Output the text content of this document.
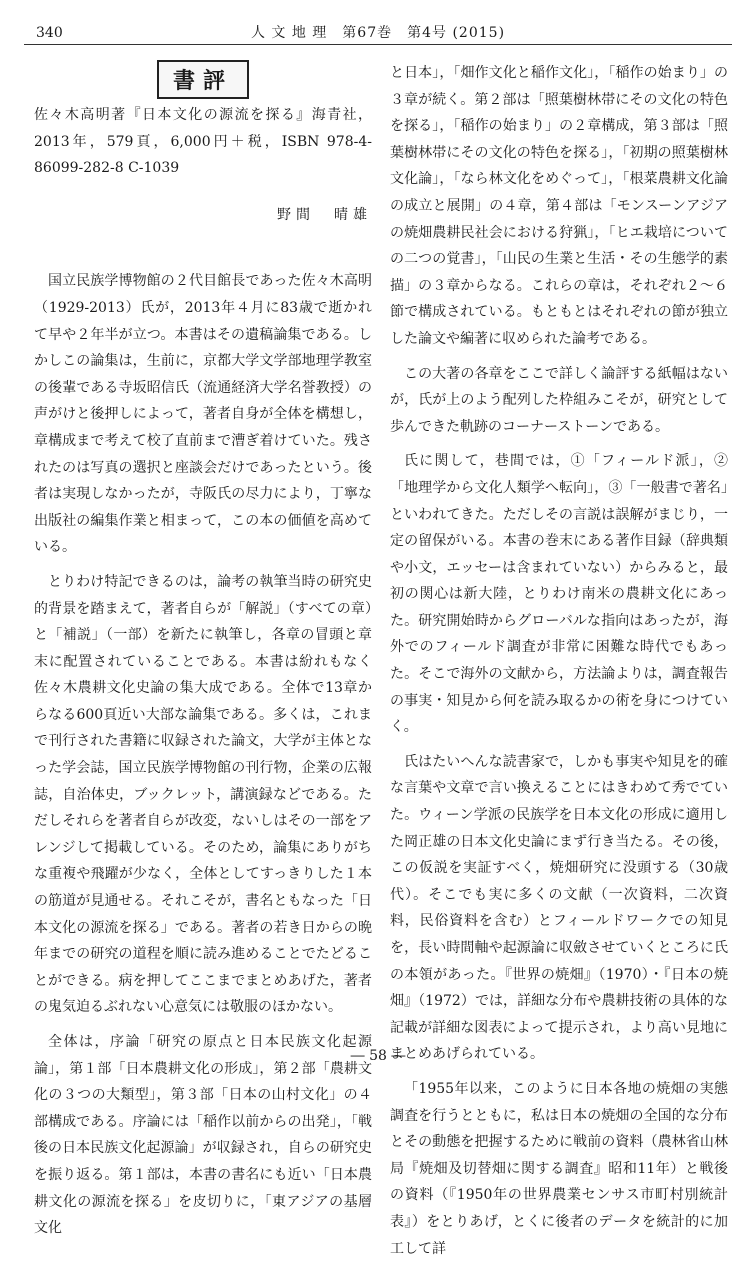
340	人 文 地 理　第67巻　第4号 (2015)
書評

佐々木高明著『日本文化の源流を探る』海青社，2013年，579頁，6,000円＋税，ISBN 978-4-86099-282-8 C-1039

野間　晴雄

国立民族学博物館の２代目館長であった佐々木高明（1929-2013）氏が，2013年４月に83歳で逝かれて早や２年半が立つ。本書はその遺稿論集である。しかしこの論集は，生前に，京都大学文学部地理学教室の後輩である寺坂昭信氏（流通経済大学名誉教授）の声がけと後押しによって，著者自身が全体を構想し，章構成まで考えて校了直前まで漕ぎ着けていた。残されたのは写真の選択と座談会だけであったという。後者は実現しなかったが，寺阪氏の尽力により，丁寧な出版社の編集作業と相まって，この本の価値を高めている。

とりわけ特記できるのは，論考の執筆当時の研究史的背景を踏まえて，著者自らが「解説」（すべての章）と「補説」（一部）を新たに執筆し，各章の冒頭と章末に配置されていることである。本書は紛れもなく佐々木農耕文化史論の集大成である。全体で13章からなる600頁近い大部な論集である。多くは，これまで刊行された書籍に収録された論文，大学が主体となった学会誌，国立民族学博物館の刊行物，企業の広報誌，自治体史，ブックレット，講演録などである。ただしそれらを著者自らが改変，ないしはその一部をアレンジして掲載している。そのため，論集にありがちな重複や飛躍が少なく，全体としてすっきりした１本の筋道が見通せる。それこそが，書名ともなった「日本文化の源流を探る」である。著者の若き日からの晩年までの研究の道程を順に読み進めることでたどることができる。病を押してここまでまとめあげた，著者の鬼気迫るぶれない心意気には敬服のほかない。

全体は，序論「研究の原点と日本民族文化起源論」，第１部「日本農耕文化の形成」，第２部「農耕文化の３つの大類型」，第３部「日本の山村文化」の４部構成である。序論には「稲作以前からの出発」，「戦後の日本民族文化起源論」が収録され，自らの研究史を振り返る。第１部は，本書の書名にも近い「日本農耕文化の源流を探る」を皮切りに，「東アジアの基層文化

と日本」，「畑作文化と稲作文化」，「稲作の始まり」の３章が続く。第２部は「照葉樹林帯にその文化の特色を探る」，「稲作の始まり」の２章構成，第３部は「照葉樹林帯にその文化の特色を探る」，「初期の照葉樹林文化論」，「なら林文化をめぐって」，「根菜農耕文化論の成立と展開」の４章，第４部は「モンスーンアジアの焼畑農耕民社会における狩猟」，「ヒエ栽培についての二つの覚書」，「山民の生業と生活・その生態学的素描」の３章からなる。これらの章は，それぞれ２～６節で構成されている。もともとはそれぞれの節が独立した論文や編著に収められた論考である。

この大著の各章をここで詳しく論評する紙幅はないが，氏が上のよう配列した枠組みこそが，研究として歩んできた軌跡のコーナーストーンである。

氏に関して，巷間では，①「フィールド派」，②「地理学から文化人類学へ転向」，③「一般書で著名」といわれてきた。ただしその言説は誤解がまじり，一定の留保がいる。本書の巻末にある著作目録（辞典類や小文，エッセーは含まれていない）からみると，最初の関心は新大陸，とりわけ南米の農耕文化にあった。研究開始時からグローバルな指向はあったが，海外でのフィールド調査が非常に困難な時代でもあった。そこで海外の文献から，方法論よりは，調査報告の事実・知見から何を読み取るかの術を身につけていく。

氏はたいへんな読書家で，しかも事実や知見を的確な言葉や文章で言い換えることにはきわめて秀でていた。ウィーン学派の民族学を日本文化の形成に適用した岡正雄の日本文化史論にまず行き当たる。その後，この仮説を実証すべく，焼畑研究に没頭する（30歳代）。そこでも実に多くの文献（一次資料，二次資料，民俗資料を含む）とフィールドワークでの知見を，長い時間軸や起源論に収斂させていくところに氏の本領があった。『世界の焼畑』（1970）・『日本の焼畑』（1972）では，詳細な分布や農耕技術の具体的な記載が詳細な図表によって提示され，より高い見地にまとめあげられている。

「1955年以来，このように日本各地の焼畑の実態調査を行うとともに，私は日本の焼畑の全国的な分布とその動態を把握するために戦前の資料（農林省山林局『焼畑及切替畑に関する調査』昭和11年）と戦後の資料（『1950年の世界農業センサス市町村別統計表』）をとりあげ，とくに後者のデータを統計的に加工して詳

― 58 ―
